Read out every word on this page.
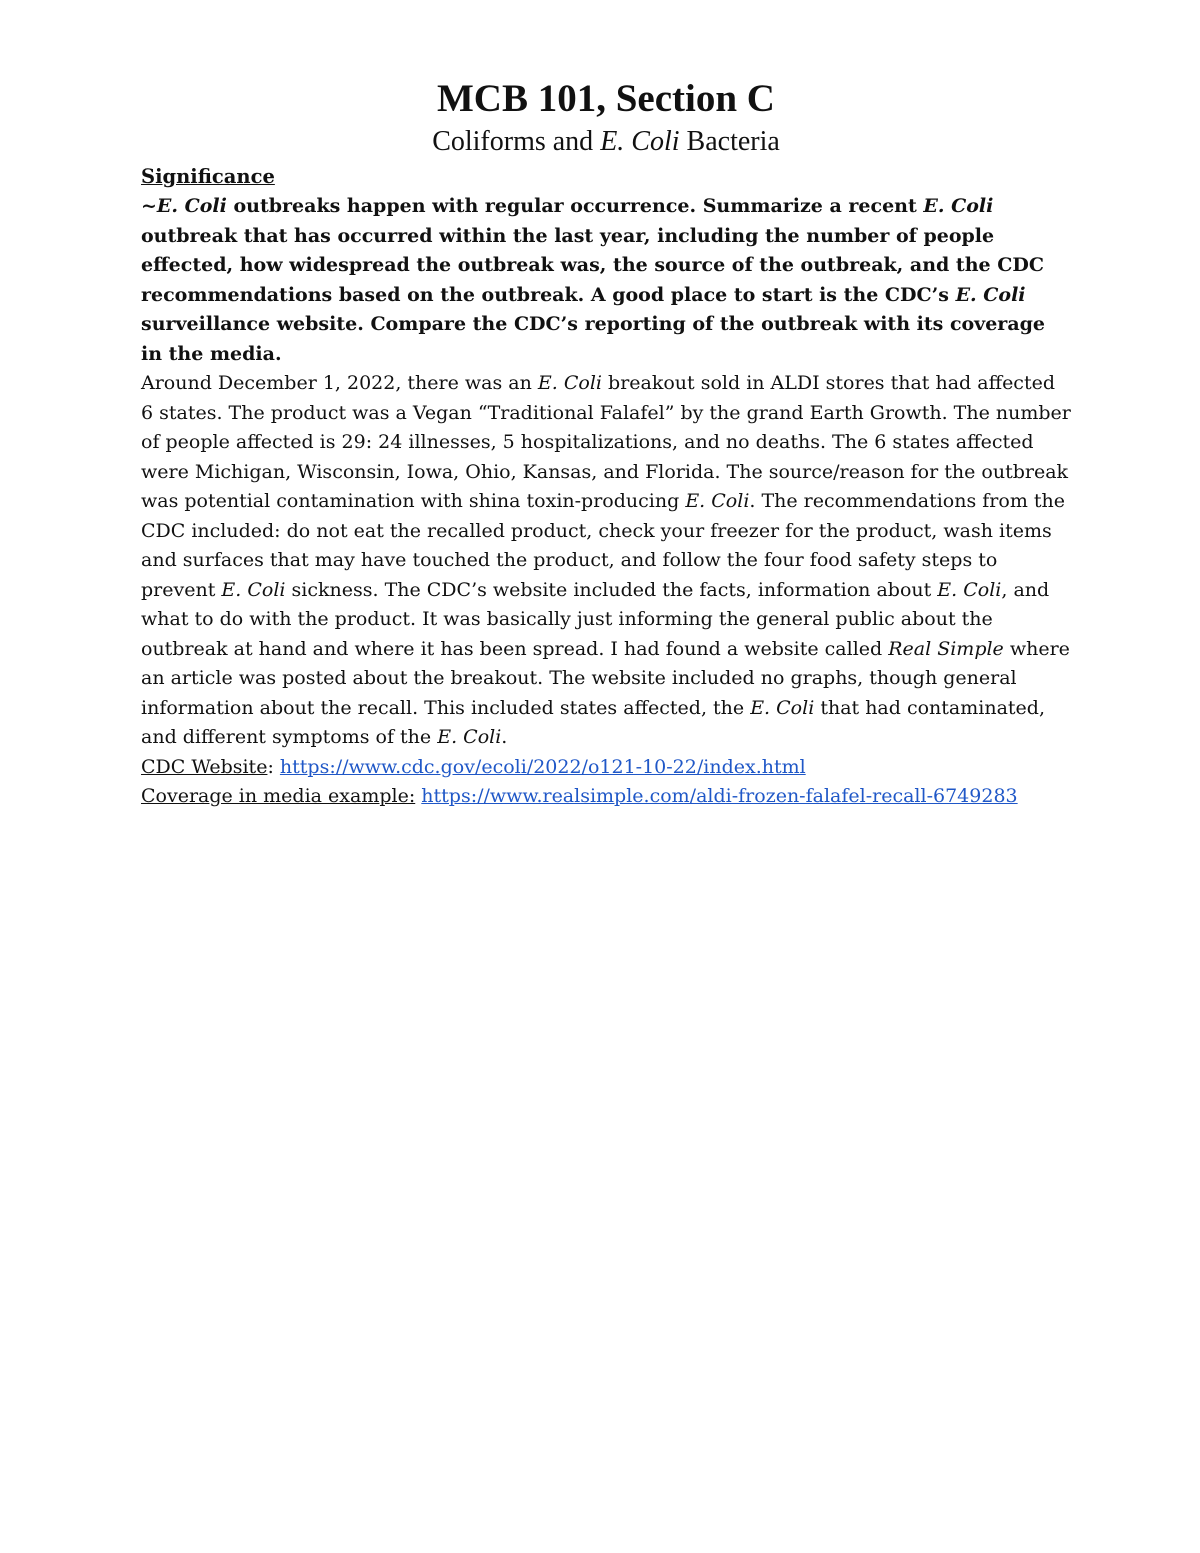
MCB 101, Section C
Coliforms and E. Coli Bacteria
Significance

~E. Coli outbreaks happen with regular occurrence. Summarize a recent E. Coli outbreak that has occurred within the last year, including the number of people effected, how widespread the outbreak was, the source of the outbreak, and the CDC recommendations based on the outbreak. A good place to start is the CDC’s E. Coli surveillance website. Compare the CDC’s reporting of the outbreak with its coverage in the media.

Around December 1, 2022, there was an E. Coli breakout sold in ALDI stores that had affected 6 states. The product was a Vegan “Traditional Falafel” by the grand Earth Growth. The number of people affected is 29: 24 illnesses, 5 hospitalizations, and no deaths. The 6 states affected were Michigan, Wisconsin, Iowa, Ohio, Kansas, and Florida. The source/reason for the outbreak was potential contamination with shina toxin-producing E. Coli. The recommendations from the CDC included: do not eat the recalled product, check your freezer for the product, wash items and surfaces that may have touched the product, and follow the four food safety steps to prevent E. Coli sickness. The CDC’s website included the facts, information about E. Coli, and what to do with the product. It was basically just informing the general public about the outbreak at hand and where it has been spread. I had found a website called Real Simple where an article was posted about the breakout. The website included no graphs, though general information about the recall. This included states affected, the E. Coli that had contaminated, and different symptoms of the E. Coli.

CDC Website: https://www.cdc.gov/ecoli/2022/o121-10-22/index.html
Coverage in media example: https://www.realsimple.com/aldi-frozen-falafel-recall-6749283
